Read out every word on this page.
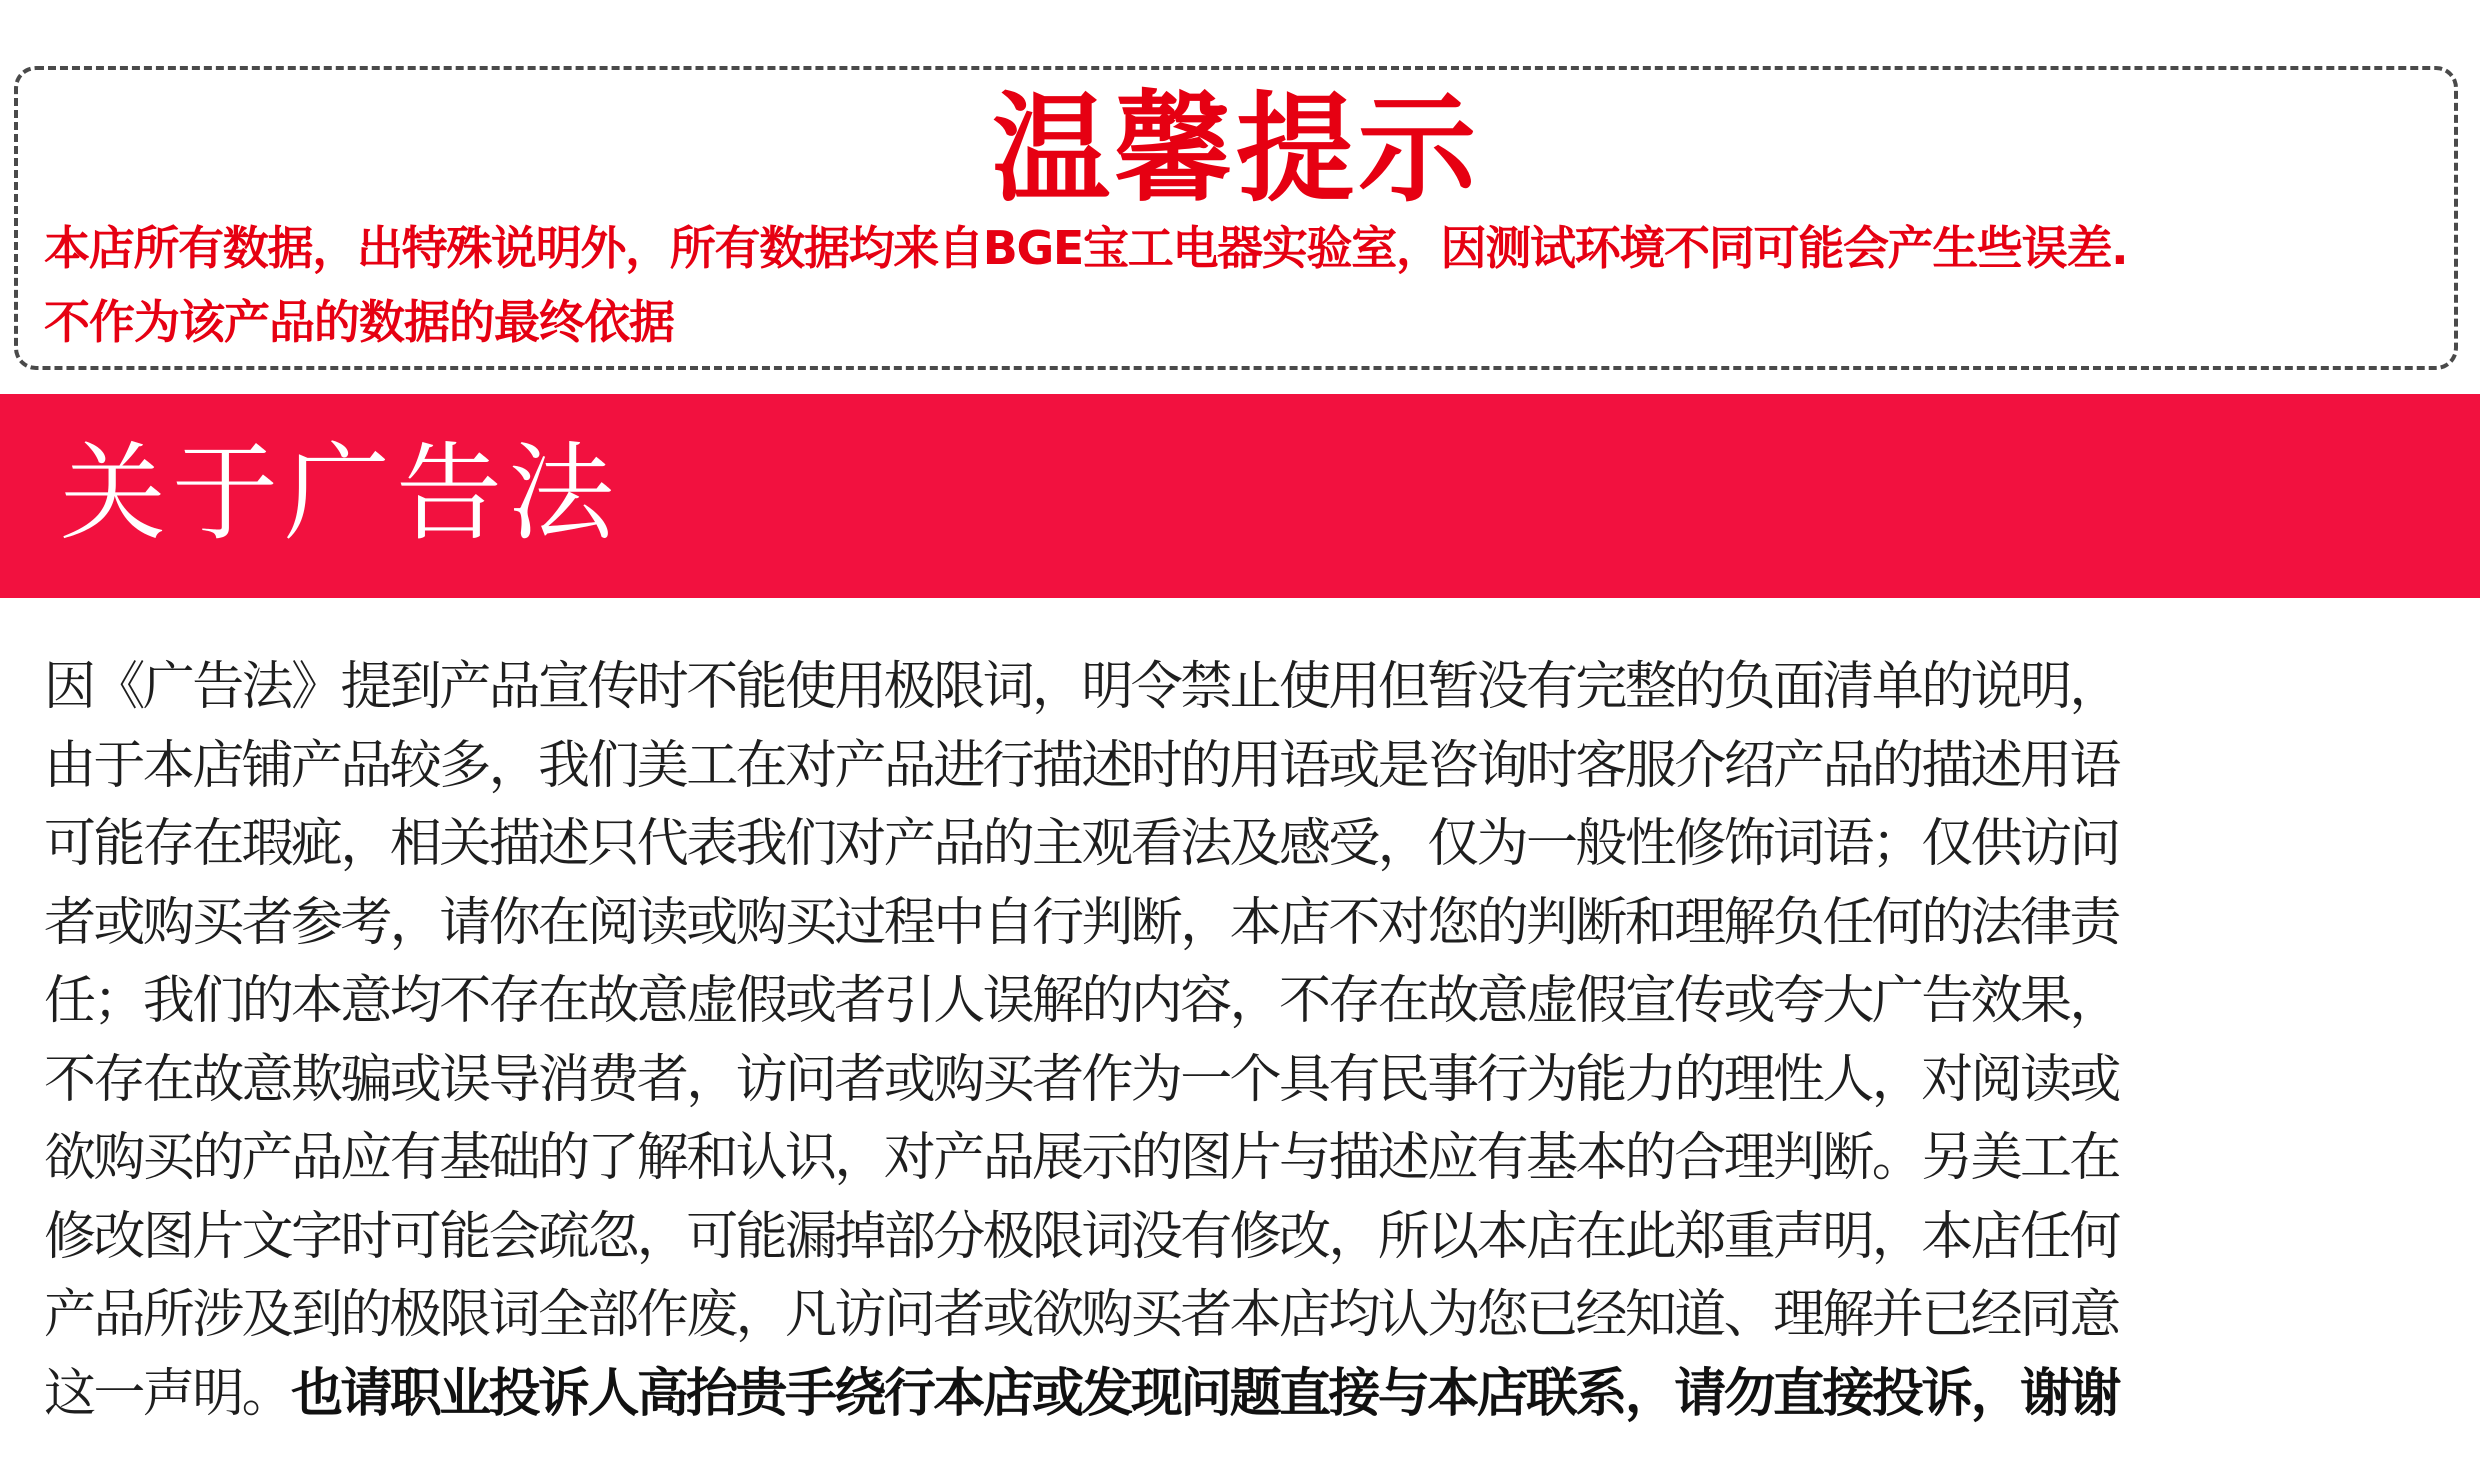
温馨提示
本店所有数据，出特殊说明外，所有数据均来自BGE宝工电器实验室，因测试环境不同可能会产生些误差.
不作为该产品的数据的最终依据
关于广告法
因《广告法》提到产品宣传时不能使用极限词，明令禁止使用但暂没有完整的负面清单的说明，
由于本店铺产品较多，我们美工在对产品进行描述时的用语或是咨询时客服介绍产品的描述用语
可能存在瑕疵，相关描述只代表我们对产品的主观看法及感受，仅为一般性修饰词语；仅供访问
者或购买者参考，请你在阅读或购买过程中自行判断，本店不对您的判断和理解负任何的法律责
任；我们的本意均不存在故意虚假或者引人误解的内容，不存在故意虚假宣传或夸大广告效果，
不存在故意欺骗或误导消费者，访问者或购买者作为一个具有民事行为能力的理性人，对阅读或
欲购买的产品应有基础的了解和认识，对产品展示的图片与描述应有基本的合理判断。另美工在
修改图片文字时可能会疏忽，可能漏掉部分极限词没有修改，所以本店在此郑重声明，本店任何
产品所涉及到的极限词全部作废，凡访问者或欲购买者本店均认为您已经知道、理解并已经同意
这一声明。也请职业投诉人高抬贵手绕行本店或发现问题直接与本店联系，请勿直接投诉，谢谢
